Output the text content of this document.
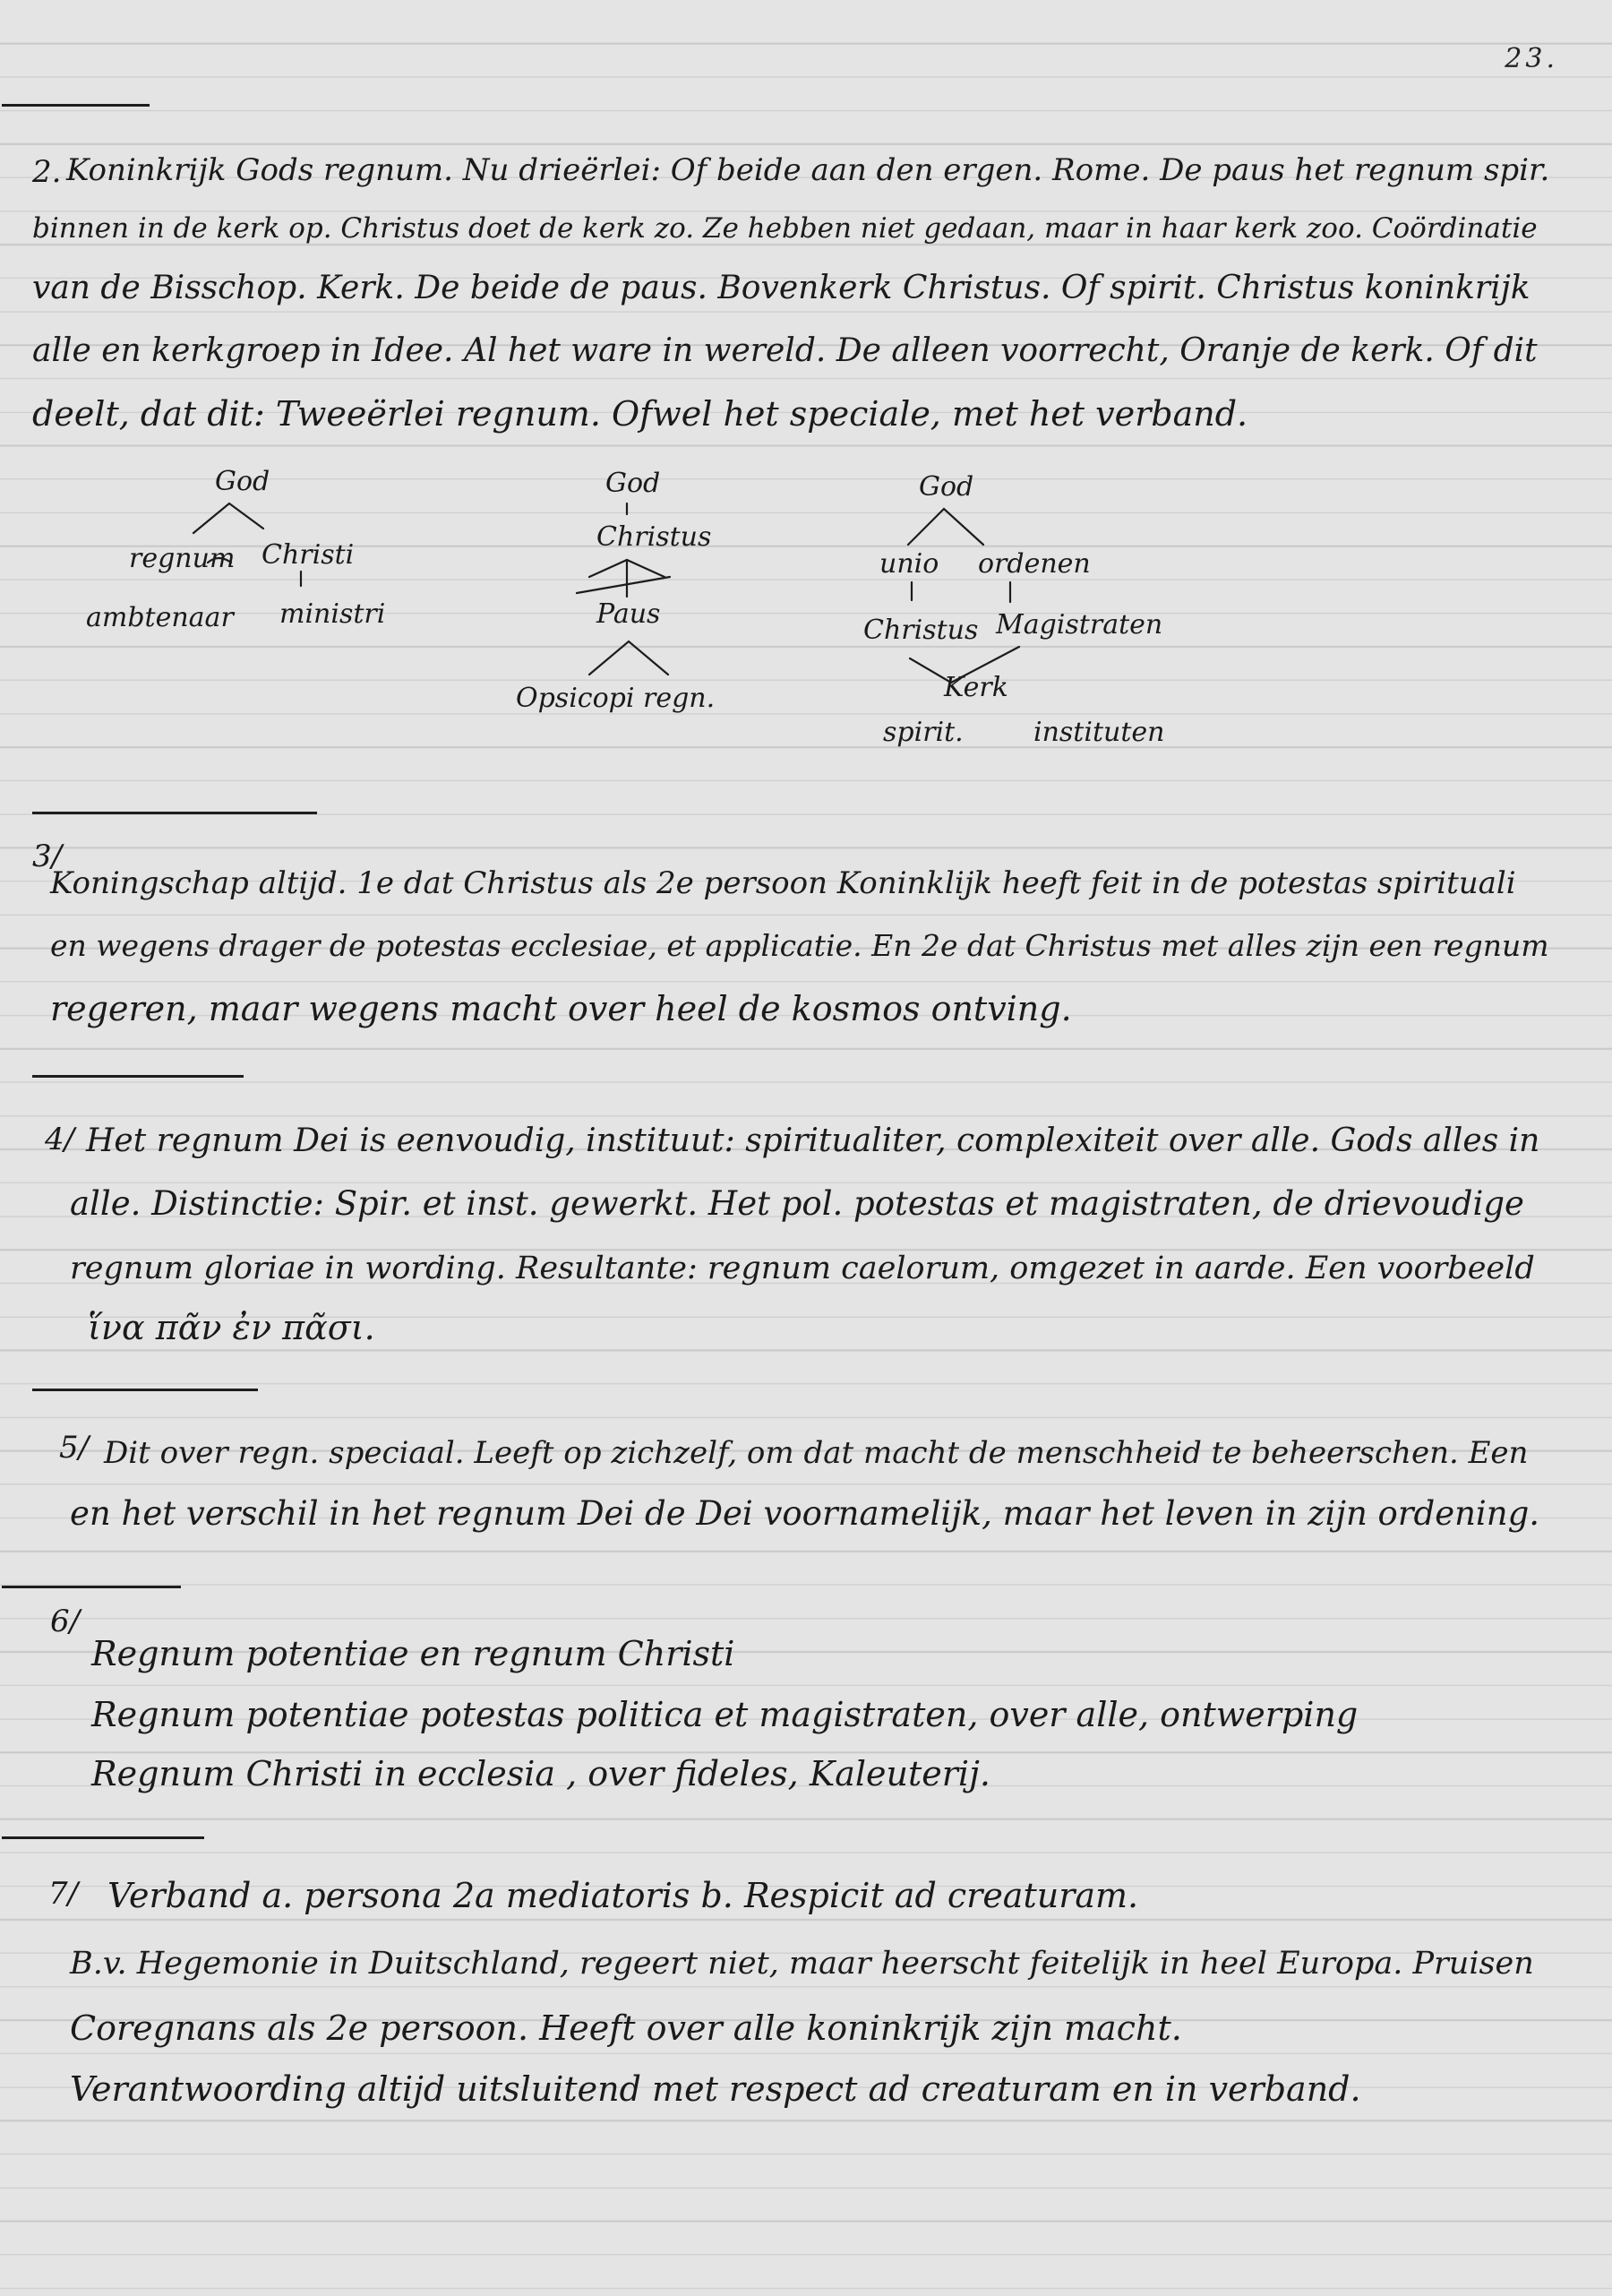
23.
2. Koninkrijk Gods regnum. Nu drieërlei: Of beide aan den ergen. Rome. De paus het regnum spir.
binnen in de kerk op. Christus doet de kerk zo. Ze hebben niet gedaan, maar in haar kerk zoo. Coördinatie
van de Bisschop. Kerk. De beide de paus. Bovenkerk Christus. Of spirit. Christus koninkrijk
alle en kerkgroep in Idee. Al het ware in wereld. De alleen voorrecht, Oranje de kerk. Of dit
deelt, dat dit: Tweeërlei regnum. Ofwel het speciale, met het verband.
God
regnum Christi
ambtenaar ministri
God
Christus
Paus
Opsicopi regn.
God
unio ordenen
Christus Magistraten
Kerk
spirit.	instituten
3/
Koningschap altijd. 1e dat Christus als 2e persoon Koninklijk heeft feit in de potestas spirituali
en wegens drager de potestas ecclesiae, et applicatie. En 2e dat Christus met alles zijn een regnum
regeren, maar wegens macht over heel de kosmos ontving.
4/ Het regnum Dei is eenvoudig, instituut: spiritualiter, complexiteit over alle. Gods alles in
alle. Distinctie: Spir. et inst. gewerkt. Het pol. potestas et magistraten, de drievoudige
regnum gloriae in wording. Resultante: regnum caelorum, omgezet in aarde. Een voorbeeld
ἵνα πᾶν ἐν πᾶσι.
5/ Dit over regn. speciaal. Leeft op zichzelf, om dat macht de menschheid te beheerschen. Een
en het verschil in het regnum Dei de Dei voornamelijk, maar het leven in zijn ordening.
6/
Regnum potentiae en regnum Christi
Regnum potentiae potestas politica et magistraten, over alle, ontwerping
Regnum Christi in ecclesia , over fideles, Kaleuterij.
7/ Verband a. persona 2a mediatoris b. Respicit ad creaturam.
B.v. Hegemonie in Duitschland, regeert niet, maar heerscht feitelijk in heel Europa. Pruisen
Coregnans als 2e persoon. Heeft over alle koninkrijk zijn macht.
Verantwoording altijd uitsluitend met respect ad creaturam en in verband.
